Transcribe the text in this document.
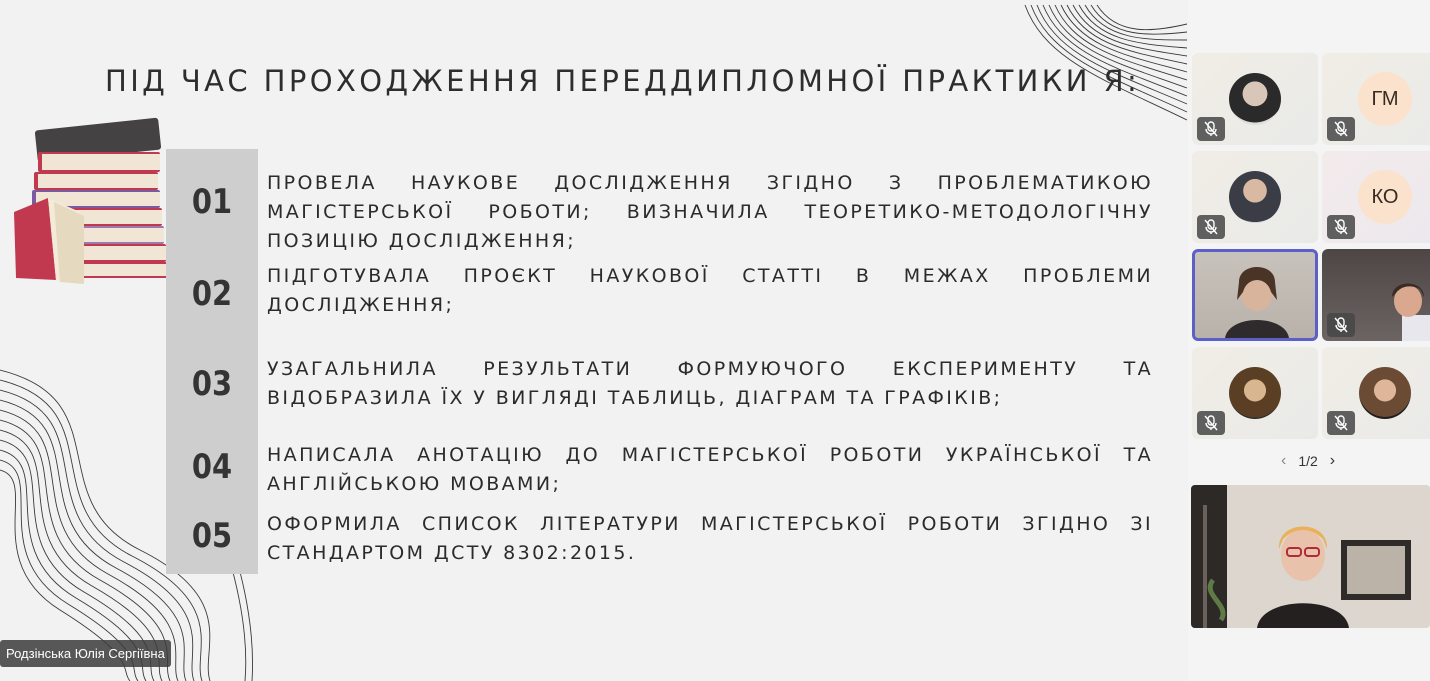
ПІД ЧАС ПРОХОДЖЕННЯ ПЕРЕДДИПЛОМНОЇ ПРАКТИКИ Я:
01
02
03
04
05
ПРОВЕЛА НАУКОВЕ ДОСЛІДЖЕННЯ ЗГІДНО З ПРОБЛЕМАТИКОЮ МАГІСТЕРСЬКОЇ РОБОТИ; ВИЗНАЧИЛА ТЕОРЕТИКО-МЕТОДОЛОГІЧНУ ПОЗИЦІЮ ДОСЛІДЖЕННЯ;
ПІДГОТУВАЛА ПРОЄКТ НАУКОВОЇ СТАТТІ В МЕЖАХ ПРОБЛЕМИ ДОСЛІДЖЕННЯ;
УЗАГАЛЬНИЛА РЕЗУЛЬТАТИ ФОРМУЮЧОГО ЕКСПЕРИМЕНТУ ТА ВІДОБРАЗИЛА ЇХ У ВИГЛЯДІ ТАБЛИЦЬ, ДІАГРАМ ТА ГРАФІКІВ;
НАПИСАЛА АНОТАЦІЮ ДО МАГІСТЕРСЬКОЇ РОБОТИ УКРАЇНСЬКОЇ ТА АНГЛІЙСЬКОЮ МОВАМИ;
ОФОРМИЛА СПИСОК ЛІТЕРАТУРИ МАГІСТЕРСЬКОЇ РОБОТИ ЗГІДНО ЗІ СТАНДАРТОМ ДСТУ 8302:2015.
Родзінська Юлія Сергіївна
ГМ
КО
‹ 1/2 ›
